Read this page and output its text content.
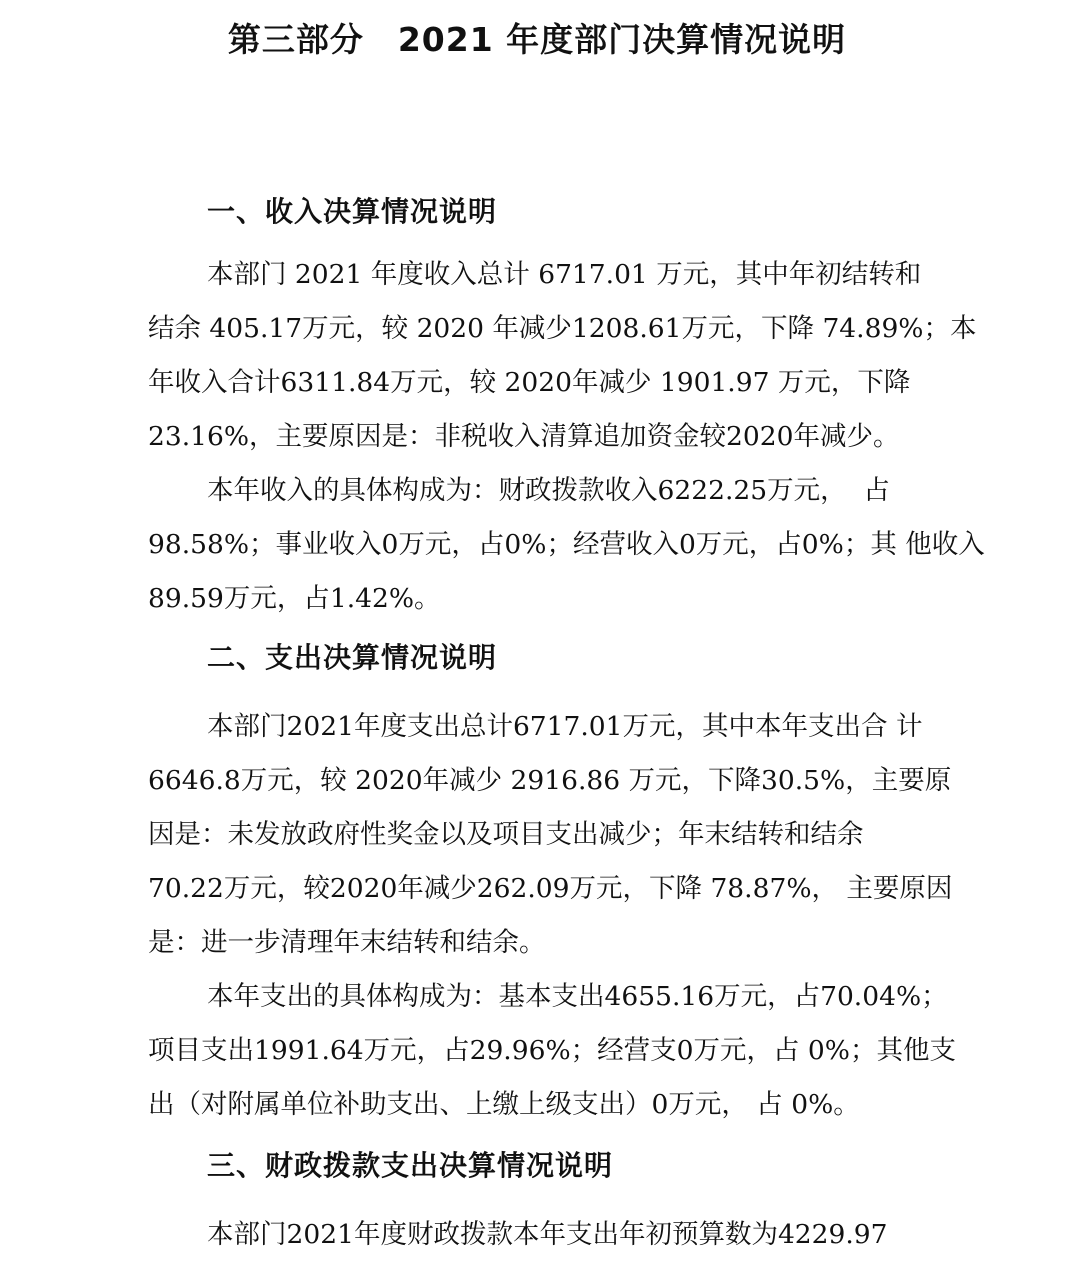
第三部分　2021 年度部门决算情况说明
一、收入决算情况说明

本部门 2021 年度收入总计 6717.01 万元，其中年初结转和

结余 405.17万元，较 2020 年减少1208.61万元，下降 74.89%；本

年收入合计6311.84万元，较 2020年减少 1901.97 万元，下降

23.16%，主要原因是：非税收入清算追加资金较2020年减少。

本年收入的具体构成为：财政拨款收入6222.25万元，  占

98.58%；事业收入0万元，占0%；经营收入0万元，占0%；其 他收入

89.59万元，占1.42%。

二、支出决算情况说明

本部门2021年度支出总计6717.01万元，其中本年支出合 计

6646.8万元，较 2020年减少 2916.86 万元，下降30.5%，主要原

因是：未发放政府性奖金以及项目支出减少；年末结转和结余

70.22万元，较2020年减少262.09万元，下降 78.87%， 主要原因

是：进一步清理年末结转和结余。

本年支出的具体构成为：基本支出4655.16万元，占70.04%；

项目支出1991.64万元，占29.96%；经营支0万元，占 0%；其他支

出（对附属单位补助支出、上缴上级支出）0万元， 占 0%。

三、财政拨款支出决算情况说明

本部门2021年度财政拨款本年支出年初预算数为4229.97
